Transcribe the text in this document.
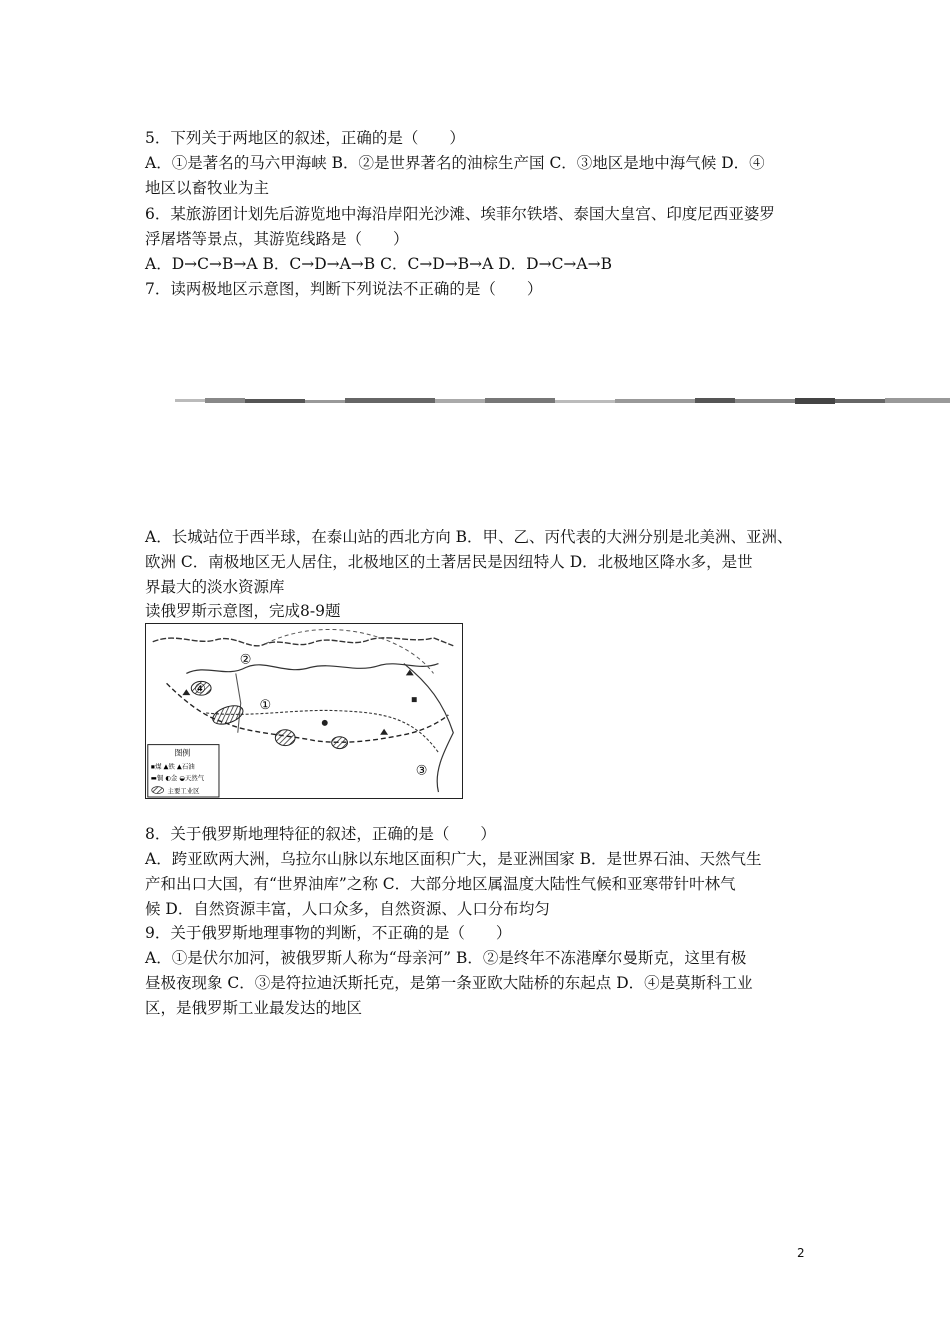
5．下列关于两地区的叙述，正确的是（　　）
A．①是著名的马六甲海峡 B．②是世界著名的油棕生产国 C．③地区是地中海气候 D．④
地区以畜牧业为主
6．某旅游团计划先后游览地中海沿岸阳光沙滩、埃菲尔铁塔、泰国大皇宫、印度尼西亚婆罗
浮屠塔等景点，其游览线路是（　　）
A．D→C→B→A B．C→D→A→B C．C→D→B→A D．D→C→A→B
7．读两极地区示意图，判断下列说法不正确的是（　　）
A．长城站位于西半球，在泰山站的西北方向 B．甲、乙、丙代表的大洲分别是北美洲、亚洲、
欧洲 C．南极地区无人居住，北极地区的土著居民是因纽特人 D．北极地区降水多，是世
界最大的淡水资源库
读俄罗斯示意图，完成8-9题
①
②
③
④
图例
▪煤 ▲铁 ▲石油
▬铜 ◐金 ◒天然气
主要工业区
8．关于俄罗斯地理特征的叙述，正确的是（　　）
A．跨亚欧两大洲，乌拉尔山脉以东地区面积广大，是亚洲国家 B．是世界石油、天然气生
产和出口大国，有“世界油库”之称 C．大部分地区属温度大陆性气候和亚寒带针叶林气
候 D．自然资源丰富，人口众多，自然资源、人口分布均匀
9．关于俄罗斯地理事物的判断，不正确的是（　　）
A．①是伏尔加河，被俄罗斯人称为“母亲河” B．②是终年不冻港摩尔曼斯克，这里有极
昼极夜现象 C．③是符拉迪沃斯托克，是第一条亚欧大陆桥的东起点 D．④是莫斯科工业
区，是俄罗斯工业最发达的地区
2
